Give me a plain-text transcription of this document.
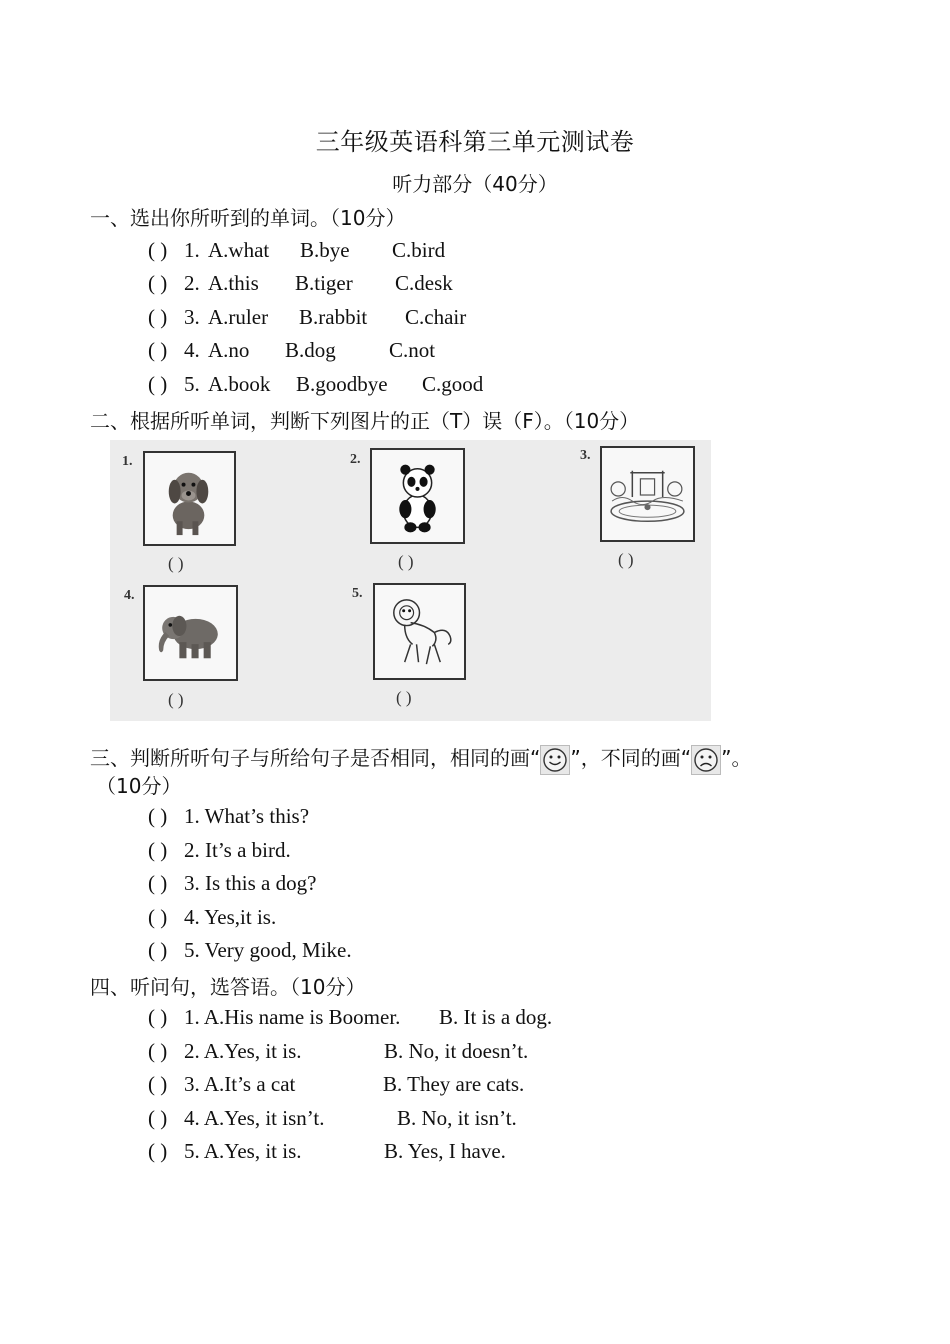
三年级英语科第三单元测试卷
听力部分（40分）
一、选出你所听到的单词。（10分）
( ) 1. A.what B.bye C.bird
( ) 2. A.this B.tiger C.desk
( ) 3. A.ruler B.rabbit C.chair
( ) 4. A.no B.dog	C.not
( ) 5. A.book B.goodbye C.good
二、根据所听单词，判断下列图片的正（T）误（F）。（10分）
1.
( )
2.
( )
3.
( )
4.
( )
5.
( )
三、判断所听句子与所给句子是否相同，相同的画“ ”，不同的画“ ”。
（10分）
( ) 1. What’s this?
( ) 2. It’s a bird.
( ) 3. Is this a dog?
( ) 4. Yes,it is.
( ) 5. Very good, Mike.
四、听问句，选答语。（10分）
( ) 1. A.His name is Boomer. B. It is a dog.
( ) 2. A.Yes, it is.	B. No, it doesn’t.
( ) 3. A.It’s a cat	B. They are cats.
( ) 4. A.Yes, it isn’t.	B. No, it isn’t.
( ) 5. A.Yes, it is.	B. Yes, I have.
